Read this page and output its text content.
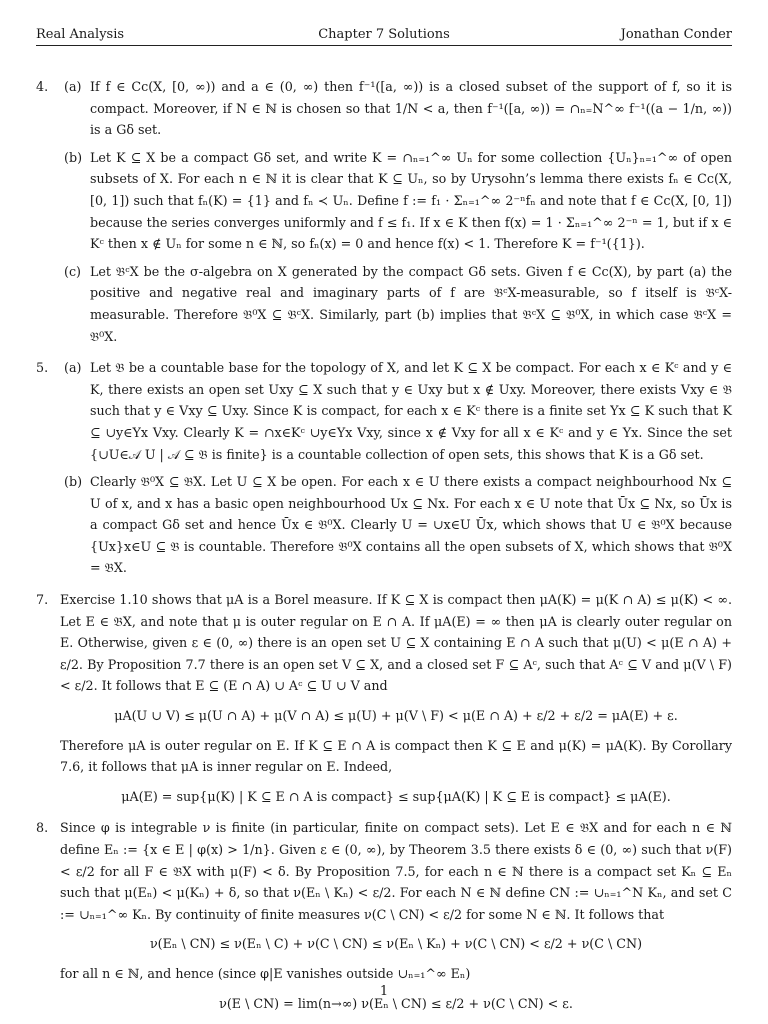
Real Analysis	Chapter 7 Solutions	Jonathan Conder
4. (a) If f ∈ Cc(X, [0, ∞)) and a ∈ (0, ∞) then f⁻¹([a, ∞)) is a closed subset of the support of f, so it is compact. Moreover, if N ∈ ℕ is chosen so that 1/N < a, then f⁻¹([a, ∞)) = ∩ₙ₌N^∞ f⁻¹((a − 1/n, ∞)) is a Gδ set.
(b) Let K ⊆ X be a compact Gδ set, and write K = ∩ₙ₌₁^∞ Uₙ for some collection {Uₙ}ₙ₌₁^∞ of open subsets of X. For each n ∈ ℕ it is clear that K ⊆ Uₙ, so by Urysohn’s lemma there exists fₙ ∈ Cc(X, [0, 1]) such that fₙ(K) = {1} and fₙ ≺ Uₙ. Define f := f₁ · Σₙ₌₁^∞ 2⁻ⁿfₙ and note that f ∈ Cc(X, [0, 1]) because the series converges uniformly and f ≤ f₁. If x ∈ K then f(x) = 1 · Σₙ₌₁^∞ 2⁻ⁿ = 1, but if x ∈ Kᶜ then x ∉ Uₙ for some n ∈ ℕ, so fₙ(x) = 0 and hence f(x) < 1. Therefore K = f⁻¹({1}).
(c) Let 𝔅ᶜX be the σ-algebra on X generated by the compact Gδ sets. Given f ∈ Cc(X), by part (a) the positive and negative real and imaginary parts of f are 𝔅ᶜX-measurable, so f itself is 𝔅ᶜX-measurable. Therefore 𝔅⁰X ⊆ 𝔅ᶜX. Similarly, part (b) implies that 𝔅ᶜX ⊆ 𝔅⁰X, in which case 𝔅ᶜX = 𝔅⁰X.
5. (a) Let 𝔅 be a countable base for the topology of X, and let K ⊆ X be compact. For each x ∈ Kᶜ and y ∈ K, there exists an open set Uxy ⊆ X such that y ∈ Uxy but x ∉ Uxy. Moreover, there exists Vxy ∈ 𝔅 such that y ∈ Vxy ⊆ Uxy. Since K is compact, for each x ∈ Kᶜ there is a finite set Yx ⊆ K such that K ⊆ ∪y∈Yx Vxy. Clearly K = ∩x∈Kᶜ ∪y∈Yx Vxy, since x ∉ Vxy for all x ∈ Kᶜ and y ∈ Yx. Since the set {∪U∈𝒜 U | 𝒜 ⊆ 𝔅 is finite} is a countable collection of open sets, this shows that K is a Gδ set.
(b) Clearly 𝔅⁰X ⊆ 𝔅X. Let U ⊆ X be open. For each x ∈ U there exists a compact neighbourhood Nx ⊆ U of x, and x has a basic open neighbourhood Ux ⊆ Nx. For each x ∈ U note that Ūx ⊆ Nx, so Ūx is a compact Gδ set and hence Ūx ∈ 𝔅⁰X. Clearly U = ∪x∈U Ūx, which shows that U ∈ 𝔅⁰X because {Ux}x∈U ⊆ 𝔅 is countable. Therefore 𝔅⁰X contains all the open subsets of X, which shows that 𝔅⁰X = 𝔅X.
7. Exercise 1.10 shows that μA is a Borel measure. If K ⊆ X is compact then μA(K) = μ(K ∩ A) ≤ μ(K) < ∞. Let E ∈ 𝔅X, and note that μ is outer regular on E ∩ A. If μA(E) = ∞ then μA is clearly outer regular on E. Otherwise, given ε ∈ (0, ∞) there is an open set U ⊆ X containing E ∩ A such that μ(U) < μ(E ∩ A) + ε/2. By Proposition 7.7 there is an open set V ⊆ X, and a closed set F ⊆ Aᶜ, such that Aᶜ ⊆ V and μ(V \ F) < ε/2. It follows that E ⊆ (E ∩ A) ∪ Aᶜ ⊆ U ∪ V and
μA(U ∪ V) ≤ μ(U ∩ A) + μ(V ∩ A) ≤ μ(U) + μ(V \ F) < μ(E ∩ A) + ε/2 + ε/2 = μA(E) + ε.
Therefore μA is outer regular on E. If K ⊆ E ∩ A is compact then K ⊆ E and μ(K) = μA(K). By Corollary 7.6, it follows that μA is inner regular on E. Indeed,
μA(E) = sup{μ(K) | K ⊆ E ∩ A is compact} ≤ sup{μA(K) | K ⊆ E is compact} ≤ μA(E).
8. Since φ is integrable ν is finite (in particular, finite on compact sets). Let E ∈ 𝔅X and for each n ∈ ℕ define Eₙ := {x ∈ E | φ(x) > 1/n}. Given ε ∈ (0, ∞), by Theorem 3.5 there exists δ ∈ (0, ∞) such that ν(F) < ε/2 for all F ∈ 𝔅X with μ(F) < δ. By Proposition 7.5, for each n ∈ ℕ there is a compact set Kₙ ⊆ Eₙ such that μ(Eₙ) < μ(Kₙ) + δ, so that ν(Eₙ \ Kₙ) < ε/2. For each N ∈ ℕ define CN := ∪ₙ₌₁^N Kₙ, and set C := ∪ₙ₌₁^∞ Kₙ. By continuity of finite measures ν(C \ CN) < ε/2 for some N ∈ ℕ. It follows that
ν(Eₙ \ CN) ≤ ν(Eₙ \ C) + ν(C \ CN) ≤ ν(Eₙ \ Kₙ) + ν(C \ CN) < ε/2 + ν(C \ CN)
for all n ∈ ℕ, and hence (since φ|E vanishes outside ∪ₙ₌₁^∞ Eₙ)
ν(E \ CN) = lim(n→∞) ν(Eₙ \ CN) ≤ ε/2 + ν(C \ CN) < ε.
1
